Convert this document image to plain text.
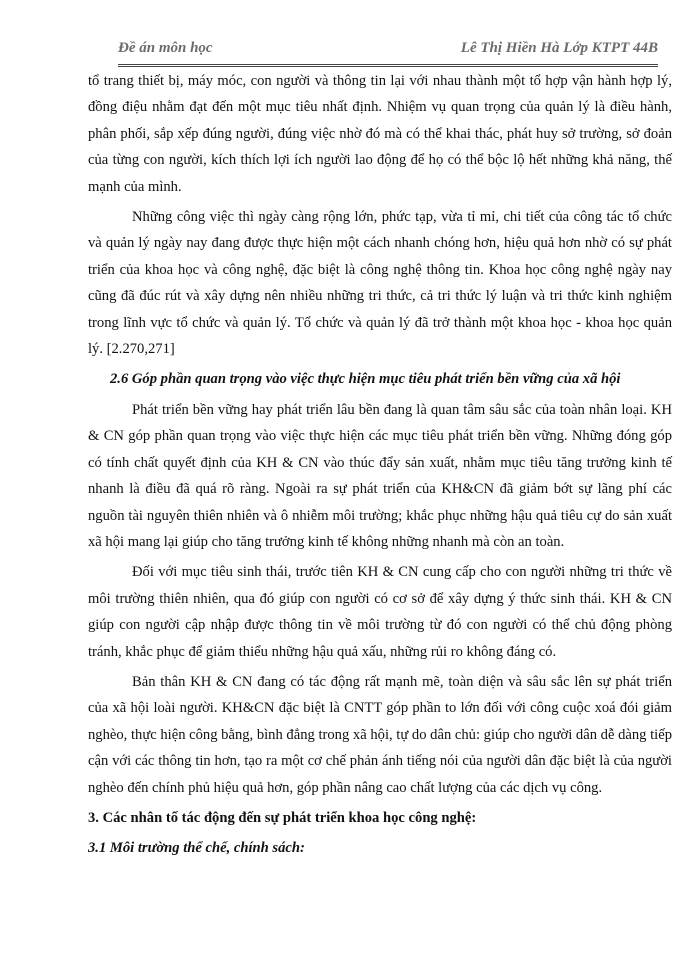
Đề án môn học	Lê Thị Hiền Hà Lớp KTPT 44B

tổ trang thiết bị, máy móc, con người và thông tin lại với nhau thành một tổ hợp vận hành hợp lý, đồng điệu nhằm đạt đến một mục tiêu nhất định. Nhiệm vụ quan trọng của quản lý là điều hành, phân phối, sắp xếp đúng người, đúng việc nhờ đó mà có thể khai thác, phát huy sở trường, sở đoản của từng con người, kích thích lợi ích người lao động để họ có thể bộc lộ hết những khả năng, thế mạnh của mình.

Những công việc thì ngày càng rộng lớn, phức tạp, vừa tỉ mỉ, chi tiết của công tác tổ chức và quản lý ngày nay đang được thực hiện một cách nhanh chóng hơn, hiệu quả hơn nhờ có sự phát triển của khoa học và công nghệ, đặc biệt là công nghệ thông tin. Khoa học công nghệ ngày nay cũng đã đúc rút và xây dựng nên nhiều những tri thức, cả tri thức lý luận và tri thức kinh nghiệm trong lĩnh vực tổ chức và quản lý. Tổ chức và quản lý đã trở thành một khoa học - khoa học quản lý. [2.270,271]

2.6 Góp phần quan trọng vào việc thực hiện mục tiêu phát triển bền vững của xã hội

Phát triển bền vững hay phát triển lâu bền đang là quan tâm sâu sắc của toàn nhân loại. KH & CN góp phần quan trọng vào việc thực hiện các mục tiêu phát triển bền vững. Những đóng góp có tính chất quyết định của KH & CN vào thúc đẩy sản xuất, nhằm mục tiêu tăng trưởng kinh tế nhanh là điều đã quá rõ ràng. Ngoài ra sự phát triển của KH&CN đã giảm bớt sự lãng phí các nguồn tài nguyên thiên nhiên và ô nhiễm môi trường; khắc phục những hậu quả tiêu cự do sản xuất xã hội mang lại giúp cho tăng trưởng kinh tế không những nhanh mà còn an toàn.

Đối với mục tiêu sinh thái, trước tiên KH & CN cung cấp cho con người những tri thức về môi trường thiên nhiên, qua đó giúp con người có cơ sở để xây dựng ý thức sinh thái. KH & CN giúp con người cập nhập được thông tin về môi trường từ đó con người có thể chủ động phòng tránh, khắc phục để giảm thiểu những hậu quả xấu, những rủi ro không đáng có.

Bản thân KH & CN đang có tác động rất mạnh mẽ, toàn diện và sâu sắc lên sự phát triển của xã hội loài người. KH&CN đặc biệt là CNTT góp phần to lớn đối với công cuộc xoá đói giảm nghèo, thực hiện công bằng, bình đẳng trong xã hội, tự do dân chủ: giúp cho người dân dễ dàng tiếp cận với các thông tin hơn, tạo ra một cơ chế phản ánh tiếng nói của người dân đặc biệt là của người nghèo đến chính phủ hiệu quả hơn, góp phần nâng cao chất lượng của các dịch vụ công.

3. Các nhân tố tác động đến sự phát triển khoa học công nghệ:

3.1 Môi trường thể chế, chính sách:
